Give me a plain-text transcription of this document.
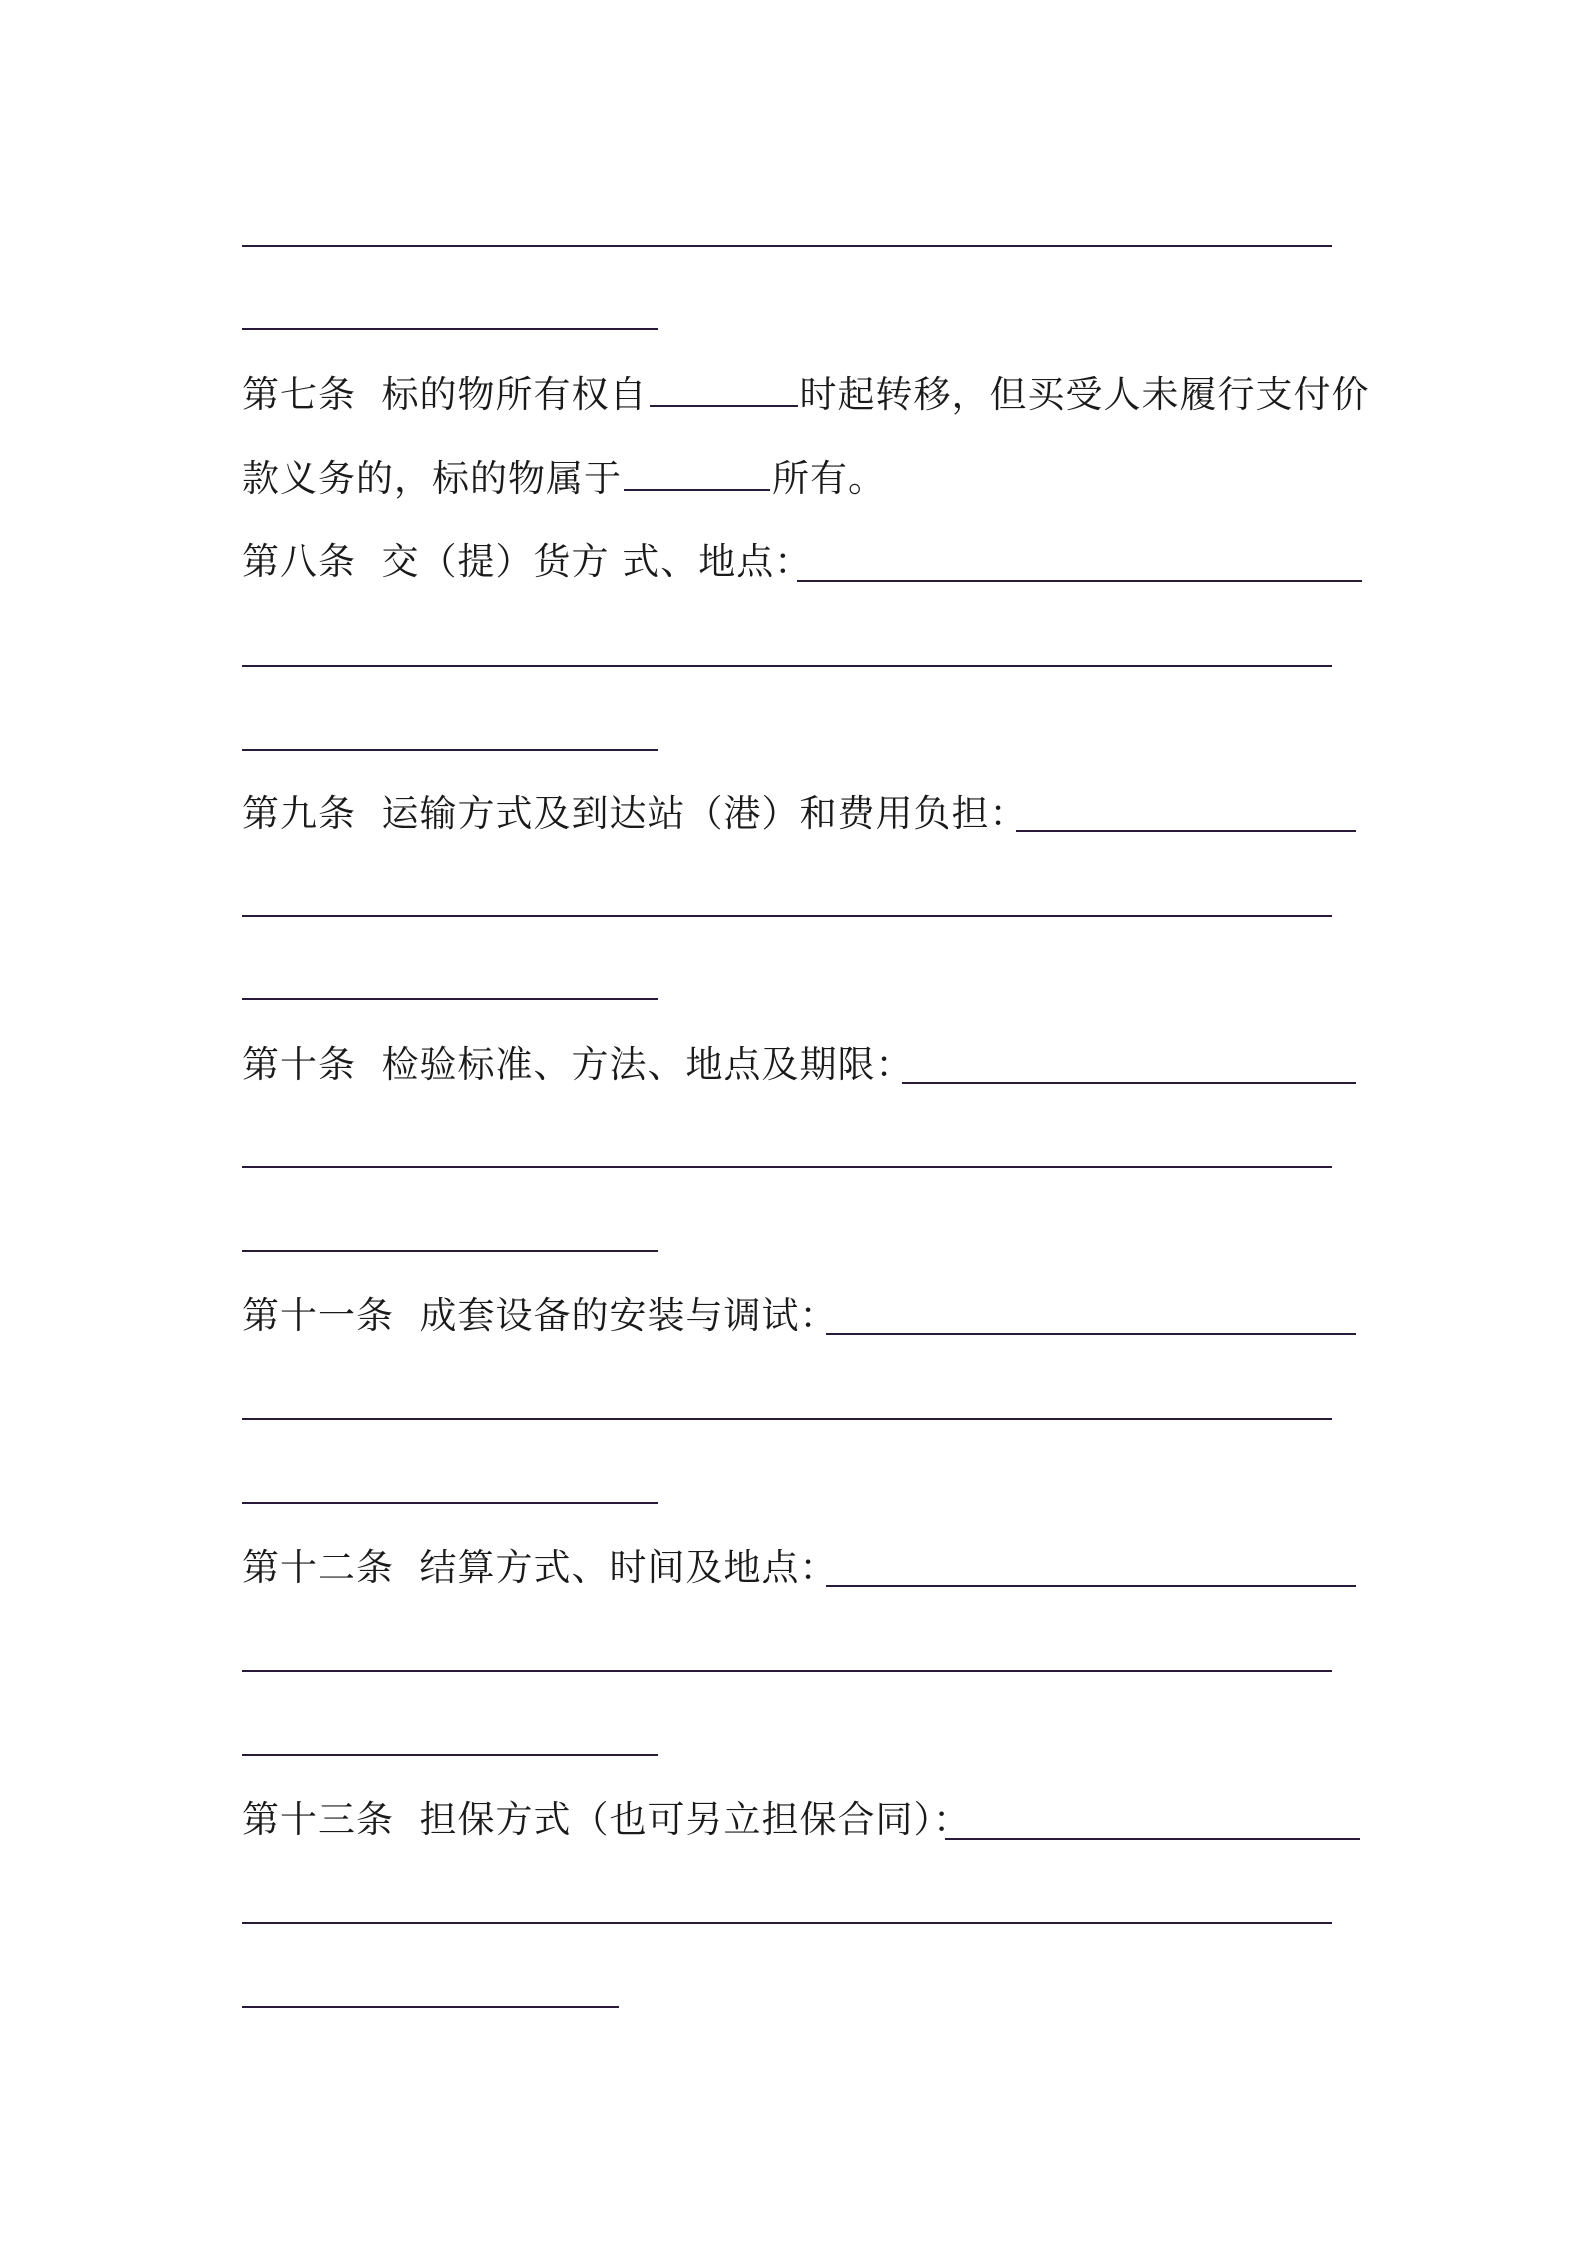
第七条 标的物所有权自	时起转移，但买受人未履行支付价
款义务的，标的物属于	所有。
第八条 交（提）货方 式、地点：
第九条 运输方式及到达站（港）和费用负担：
第十条 检验标准、方法、地点及期限：
第十一条 成套设备的安装与调试：
第十二条 结算方式、时间及地点：
第十三条 担保方式（也可另立担保合同）：
